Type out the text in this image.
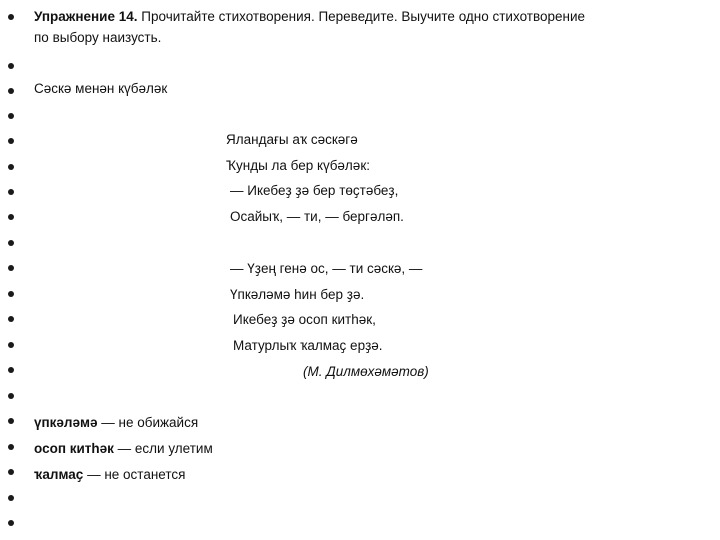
Упражнение 14. Прочитайте стихотворения. Переведите. Выучите одно стихотворение
по выбору наизусть.
Сәскә менән күбәләк
Яландағы аҡ сәскәгә
Ҡунды ла бер күбәләк:
— Икебеҙ ҙә бер төҫтәбеҙ,
Осайыҡ, — ти, — бергәләп.
— Үҙең генә ос, — ти сәскә, —
Үпкәләмә һин бер ҙә.
Икебеҙ ҙә осоп китһәк,
Матурлыҡ ҡалмаҫ ерҙә.
(М. Дилмөхәмәтов)
үпкәләмә — не обижайся
осоп китһәк — если улетим
ҡалмаҫ — не останется
